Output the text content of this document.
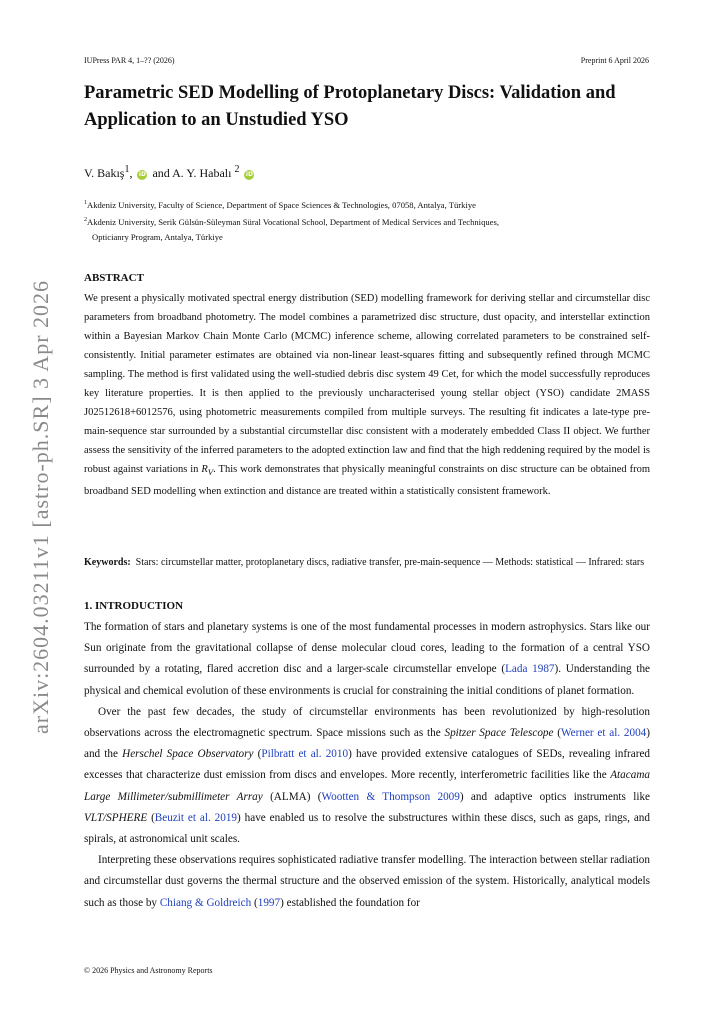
IUPress PAR 4, 1–?? (2026)	Preprint 6 April 2026
Parametric SED Modelling of Protoplanetary Discs: Validation and Application to an Unstudied YSO
V. Bakış$^1$, iD and A. Y. Habalı $^2$ iD
$^1$Akdeniz University, Faculty of Science, Department of Space Sciences & Technologies, 07058, Antalya, Türkiye
$^2$Akdeniz University, Serik Gülsün-Süleyman Süral Vocational School, Department of Medical Services and Techniques,
Opticianry Program, Antalya, Türkiye
ABSTRACT
We present a physically motivated spectral energy distribution (SED) modelling framework for deriving stellar and circumstellar disc parameters from broadband photometry. The model combines a parametrized disc structure, dust opacity, and interstellar extinction within a Bayesian Markov Chain Monte Carlo (MCMC) inference scheme, allowing correlated parameters to be constrained self-consistently. Initial parameter estimates are obtained via non-linear least-squares fitting and subsequently refined through MCMC sampling. The method is first validated using the well-studied debris disc system 49 Cet, for which the model successfully reproduces key literature properties. It is then applied to the previously uncharacterised young stellar object (YSO) candidate 2MASS J02512618+6012576, using photometric measurements compiled from multiple surveys. The resulting fit indicates a late-type pre-main-sequence star surrounded by a substantial circumstellar disc consistent with a moderately embedded Class II object. We further assess the sensitivity of the inferred parameters to the adopted extinction law and find that the high reddening required by the model is robust against variations in $R_V$. This work demonstrates that physically meaningful constraints on disc structure can be obtained from broadband SED modelling when extinction and distance are treated within a statistically consistent framework.
Keywords: Stars: circumstellar matter, protoplanetary discs, radiative transfer, pre-main-sequence — Methods: statistical — Infrared: stars
1. INTRODUCTION

The formation of stars and planetary systems is one of the most fundamental processes in modern astrophysics. Stars like our Sun originate from the gravitational collapse of dense molecular cloud cores, leading to the formation of a central YSO surrounded by a rotating, flared accretion disc and a larger-scale circumstellar envelope (Lada 1987). Understanding the physical and chemical evolution of these environments is crucial for constraining the initial conditions of planet formation.

Over the past few decades, the study of circumstellar environments has been revolutionized by high-resolution observations across the electromagnetic spectrum. Space missions such as the Spitzer Space Telescope (Werner et al. 2004) and the Herschel Space Observatory (Pilbratt et al. 2010) have provided extensive catalogues of SEDs, revealing infrared excesses that characterize dust emission from discs and envelopes. More recently, interferometric facilities like the Atacama Large Millimeter/submillimeter Array (ALMA) (Wootten & Thompson 2009) and adaptive optics instruments like VLT/SPHERE (Beuzit et al. 2019) have enabled us to resolve the substructures within these discs, such as gaps, rings, and spirals, at astronomical unit scales.

Interpreting these observations requires sophisticated radiative transfer modelling. The interaction between stellar radiation and circumstellar dust governs the thermal structure and the observed emission of the system. Historically, analytical models such as those by Chiang & Goldreich (1997) established the foundation for

© 2026 Physics and Astronomy Reports
arXiv:2604.03211v1 [astro-ph.SR] 3 Apr 2026
